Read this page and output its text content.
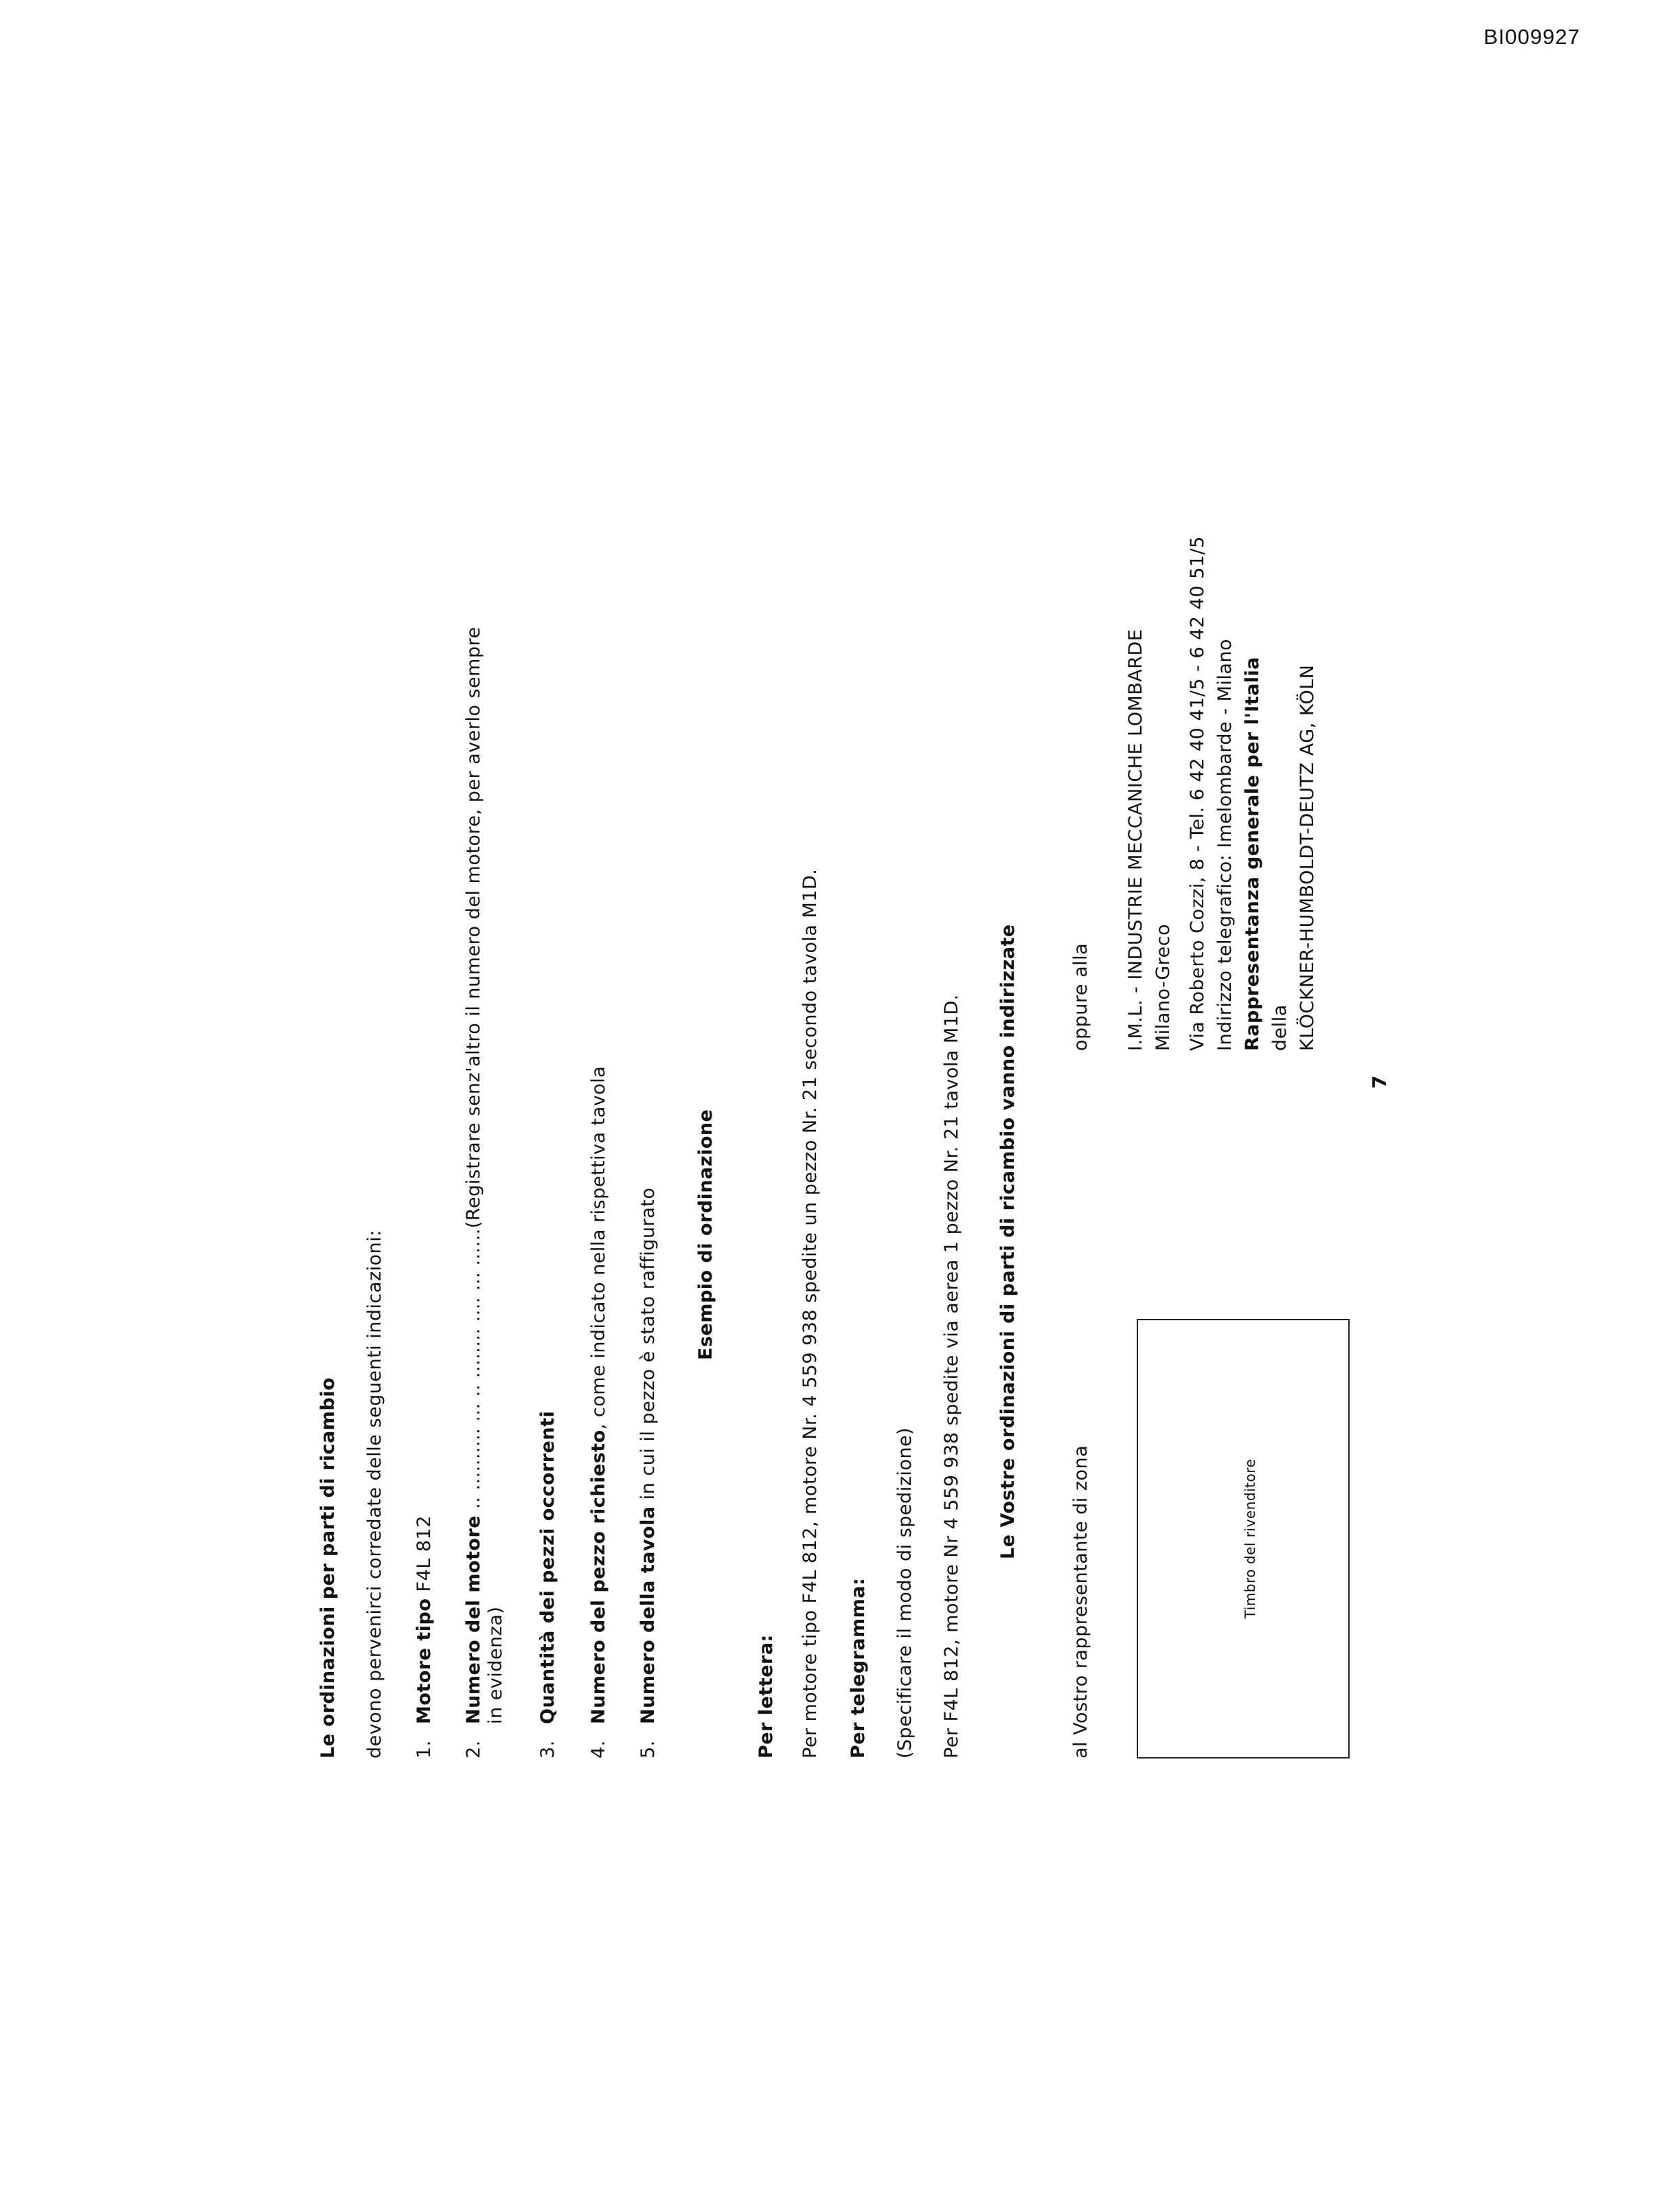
BI009927

Le ordinazioni per parti di ricambio devono pervenirci corredate delle seguenti indicazioni: 1.Motore tipo F4L 812

2.Numero del motore .. .......... ... .. ........ .... ... ......(Registrare senz'altro il numero del motore, per averlo sempre

in evidenza)

3.Quantità dei pezzi occorrenti

4.Numero del pezzo richiesto, come indicato nella rispettiva tavola

5.Numero della tavola in cui il pezzo è stato raffigurato Esempio di ordinazione

Per lettera: Per motore tipo F4L 812, motore Nr. 4 559 938 spedite un pezzo Nr. 21 secondo tavola M1D. Per telegramma: (Specificare il modo di spedizione) Per F4L 812, motore Nr 4 559 938 spedite via aerea 1 pezzo Nr. 21 tavola M1D. Le Vostre ordinazioni di parti di ricambio vanno indirizzate

al Vostro rappresentante di zona

oppure alla

Timbro del rivenditore

I.M.L. - INDUSTRIE MECCANICHE LOMBARDE Milano-Greco Via Roberto Cozzi, 8 - Tel. 6 42 40 41/5 - 6 42 40 51/5 Indirizzo telegrafico: Imelombarde - Milano Rappresentanza generale per l'Italia della KLÖCKNER-HUMBOLDT-DEUTZ AG, KÖLN

7
